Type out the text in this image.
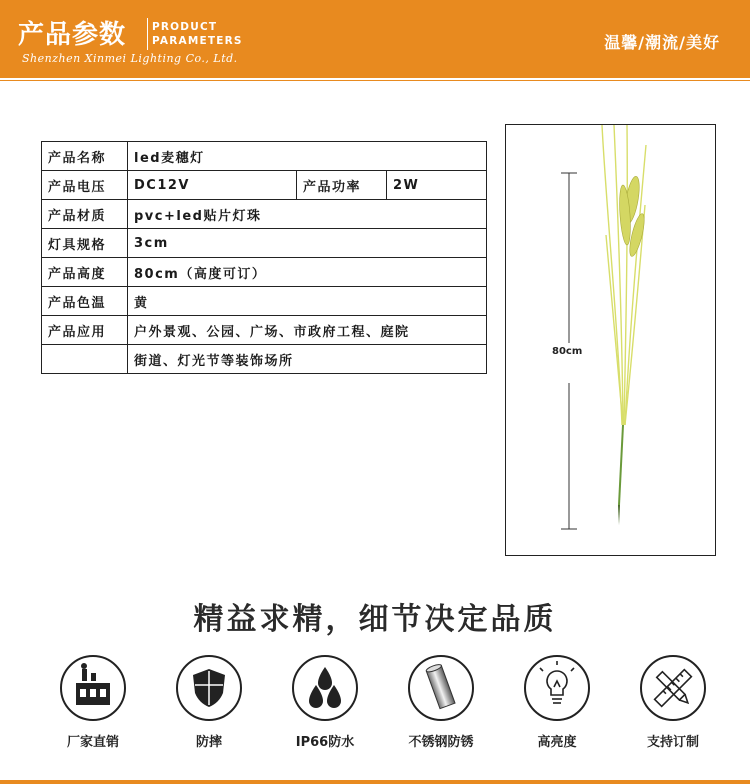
产品参数 PRODUCT
PARAMETERS
Shenzhen Xinmei Lighting Co., Ltd.
温馨/潮流/美好
产品名称	led麦穗灯		
产品电压	DC12V	产品功率	2W
产品材质	pvc+led贴片灯珠		
灯具规格	3cm		
产品高度	80cm（高度可订）		
产品色温	黄		
产品应用	户外景观、公园、广场、市政府工程、庭院		
	街道、灯光节等装饰场所		
80cm
精益求精，细节决定品质
厂家直销	防摔	IP66防水	不锈钢防锈	高亮度	支持订制
